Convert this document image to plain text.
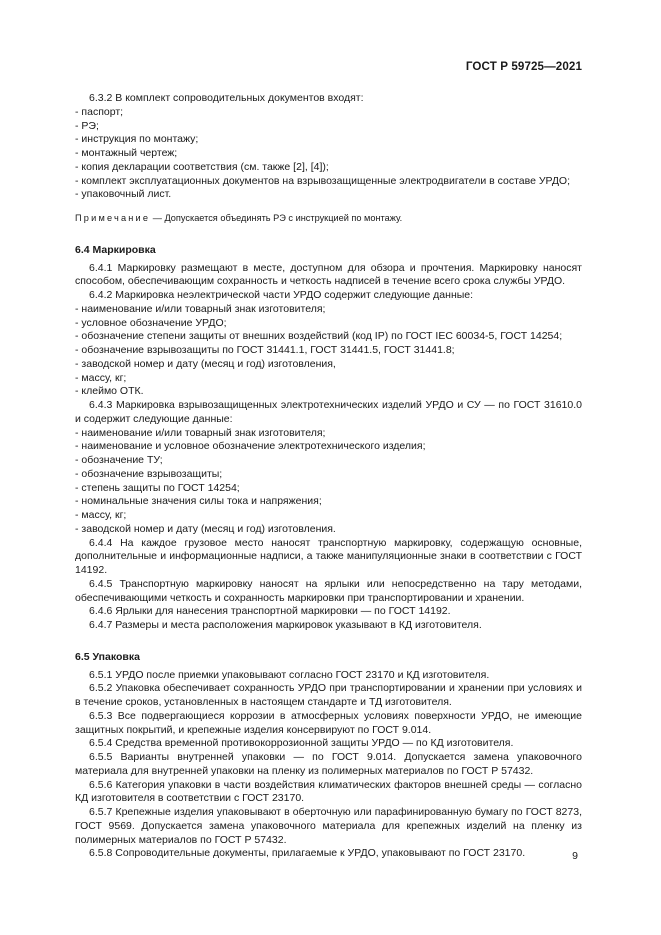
ГОСТ Р 59725—2021

6.3.2 В комплект сопроводительных документов входят:

- паспорт;

- РЭ;

- инструкция по монтажу;

- монтажный чертеж;

- копия декларации соответствия (см. также [2], [4]);

- комплект эксплуатационных документов на взрывозащищенные электродвигатели в составе УРДО;

- упаковочный лист.

Примечание — Допускается объединять РЭ с инструкцией по монтажу.

6.4 Маркировка

6.4.1 Маркировку размещают в месте, доступном для обзора и прочтения. Маркировку наносят способом, обеспечивающим сохранность и четкость надписей в течение всего срока службы УРДО.

6.4.2 Маркировка неэлектрической части УРДО содержит следующие данные:

- наименование и/или товарный знак изготовителя;

- условное обозначение УРДО;

- обозначение степени защиты от внешних воздействий (код IP) по ГОСТ IEC 60034-5, ГОСТ 14254;

- обозначение взрывозащиты по ГОСТ 31441.1, ГОСТ 31441.5, ГОСТ 31441.8;

- заводской номер и дату (месяц и год) изготовления,

- массу, кг;

- клеймо ОТК.

6.4.3 Маркировка взрывозащищенных электротехнических изделий УРДО и СУ — по ГОСТ 31610.0 и содержит следующие данные:

- наименование и/или товарный знак изготовителя;

- наименование и условное обозначение электротехнического изделия;

- обозначение ТУ;

- обозначение взрывозащиты;

- степень защиты по ГОСТ 14254;

- номинальные значения силы тока и напряжения;

- массу, кг;

- заводской номер и дату (месяц и год) изготовления.

6.4.4 На каждое грузовое место наносят транспортную маркировку, содержащую основные, дополнительные и информационные надписи, а также манипуляционные знаки в соответствии с ГОСТ 14192.

6.4.5 Транспортную маркировку наносят на ярлыки или непосредственно на тару методами, обеспечивающими четкость и сохранность маркировки при транспортировании и хранении.

6.4.6 Ярлыки для нанесения транспортной маркировки — по ГОСТ 14192.

6.4.7 Размеры и места расположения маркировок указывают в КД изготовителя.

6.5 Упаковка

6.5.1 УРДО после приемки упаковывают согласно ГОСТ 23170 и КД изготовителя.

6.5.2 Упаковка обеспечивает сохранность УРДО при транспортировании и хранении при условиях и в течение сроков, установленных в настоящем стандарте и ТД изготовителя.

6.5.3 Все подвергающиеся коррозии в атмосферных условиях поверхности УРДО, не имеющие защитных покрытий, и крепежные изделия консервируют по ГОСТ 9.014.

6.5.4 Средства временной противокоррозионной защиты УРДО — по КД изготовителя.

6.5.5 Варианты внутренней упаковки — по ГОСТ 9.014. Допускается замена упаковочного материала для внутренней упаковки на пленку из полимерных материалов по ГОСТ Р 57432.

6.5.6 Категория упаковки в части воздействия климатических факторов внешней среды — согласно КД изготовителя в соответствии с ГОСТ 23170.

6.5.7 Крепежные изделия упаковывают в оберточную или парафинированную бумагу по ГОСТ 8273, ГОСТ 9569. Допускается замена упаковочного материала для крепежных изделий на пленку из полимерных материалов по ГОСТ Р 57432.

6.5.8 Сопроводительные документы, прилагаемые к УРДО, упаковывают по ГОСТ 23170.	9
